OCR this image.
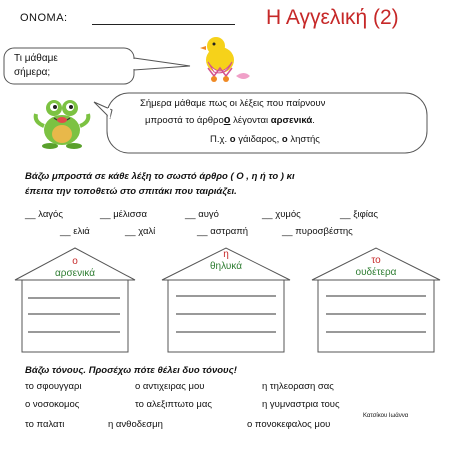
ΟΝΟΜΑ:	Η Αγγελική (2)
Τι μάθαμε
σήμερα;
Σήμερα μάθαμε πως οι λέξεις που παίρνουν
μπροστά το άρθροο λέγονται αρσενικά.
Π.χ. ο γάιδαρος, ο ληστής
Βάζω μπροστά σε κάθε λέξη το σωστό άρθρο ( Ο , η ή το ) κι
έπειτα την τοποθετώ στο σπιτάκι που ταιριάζει.
__ λαγός	__ μέλισσα	__ αυγό	__ χυμός	__ ξιφίας
__ ελιά	__ χαλί	__ αστραπή	__ πυροσβέστης
ο
αρσενικά
η
θηλυκά
το
ουδέτερα
Βάζω τόνους. Προσέχω πότε θέλει δυο τόνους!
το σφουγγαρι	ο αντιχειρας μου	η τηλεοραση σας
ο νοσοκομος	το αλεξιπτωτο μας	η γυμναστρια τους
το παλατι	η ανθοδεσμη	ο πονοκεφαλος μου
Κατσίκου Ιωάννα
